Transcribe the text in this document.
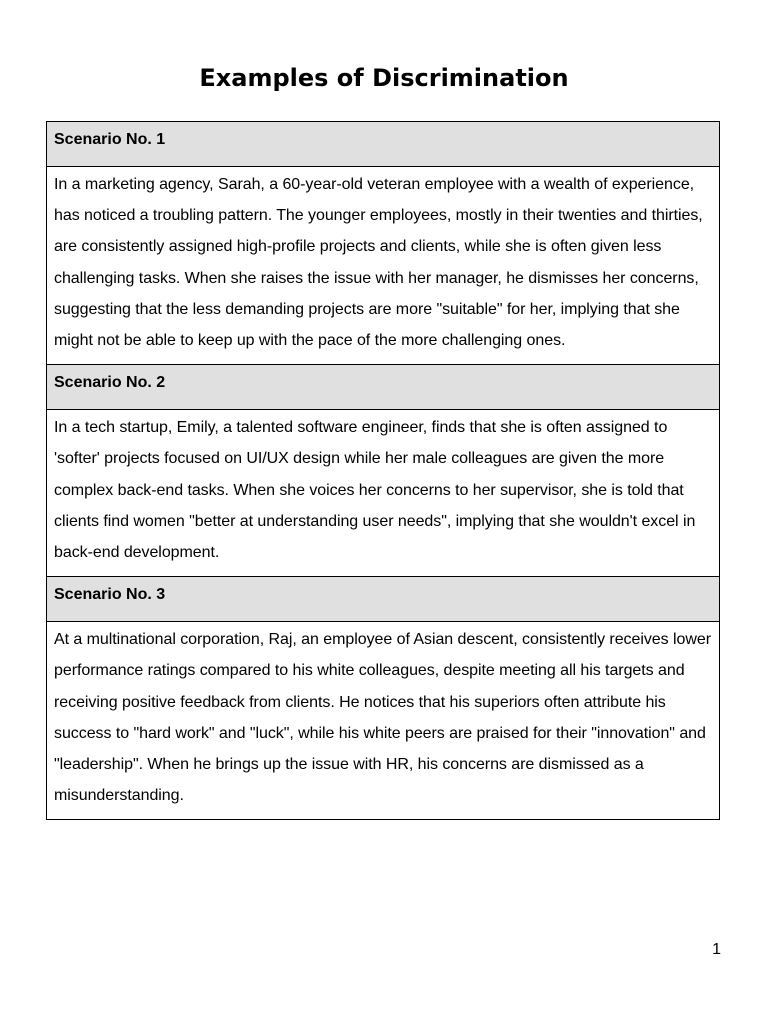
Examples of Discrimination
Scenario No. 1
In a marketing agency, Sarah, a 60-year-old veteran employee with a wealth of experience, has noticed a troubling pattern. The younger employees, mostly in their twenties and thirties, are consistently assigned high-profile projects and clients, while she is often given less challenging tasks. When she raises the issue with her manager, he dismisses her concerns, suggesting that the less demanding projects are more "suitable" for her, implying that she might not be able to keep up with the pace of the more challenging ones.
Scenario No. 2
In a tech startup, Emily, a talented software engineer, finds that she is often assigned to 'softer' projects focused on UI/UX design while her male colleagues are given the more complex back-end tasks. When she voices her concerns to her supervisor, she is told that clients find women "better at understanding user needs", implying that she wouldn't excel in back-end development.
Scenario No. 3
At a multinational corporation, Raj, an employee of Asian descent, consistently receives lower performance ratings compared to his white colleagues, despite meeting all his targets and receiving positive feedback from clients. He notices that his superiors often attribute his success to "hard work" and "luck", while his white peers are praised for their "innovation" and "leadership". When he brings up the issue with HR, his concerns are dismissed as a misunderstanding.
1
